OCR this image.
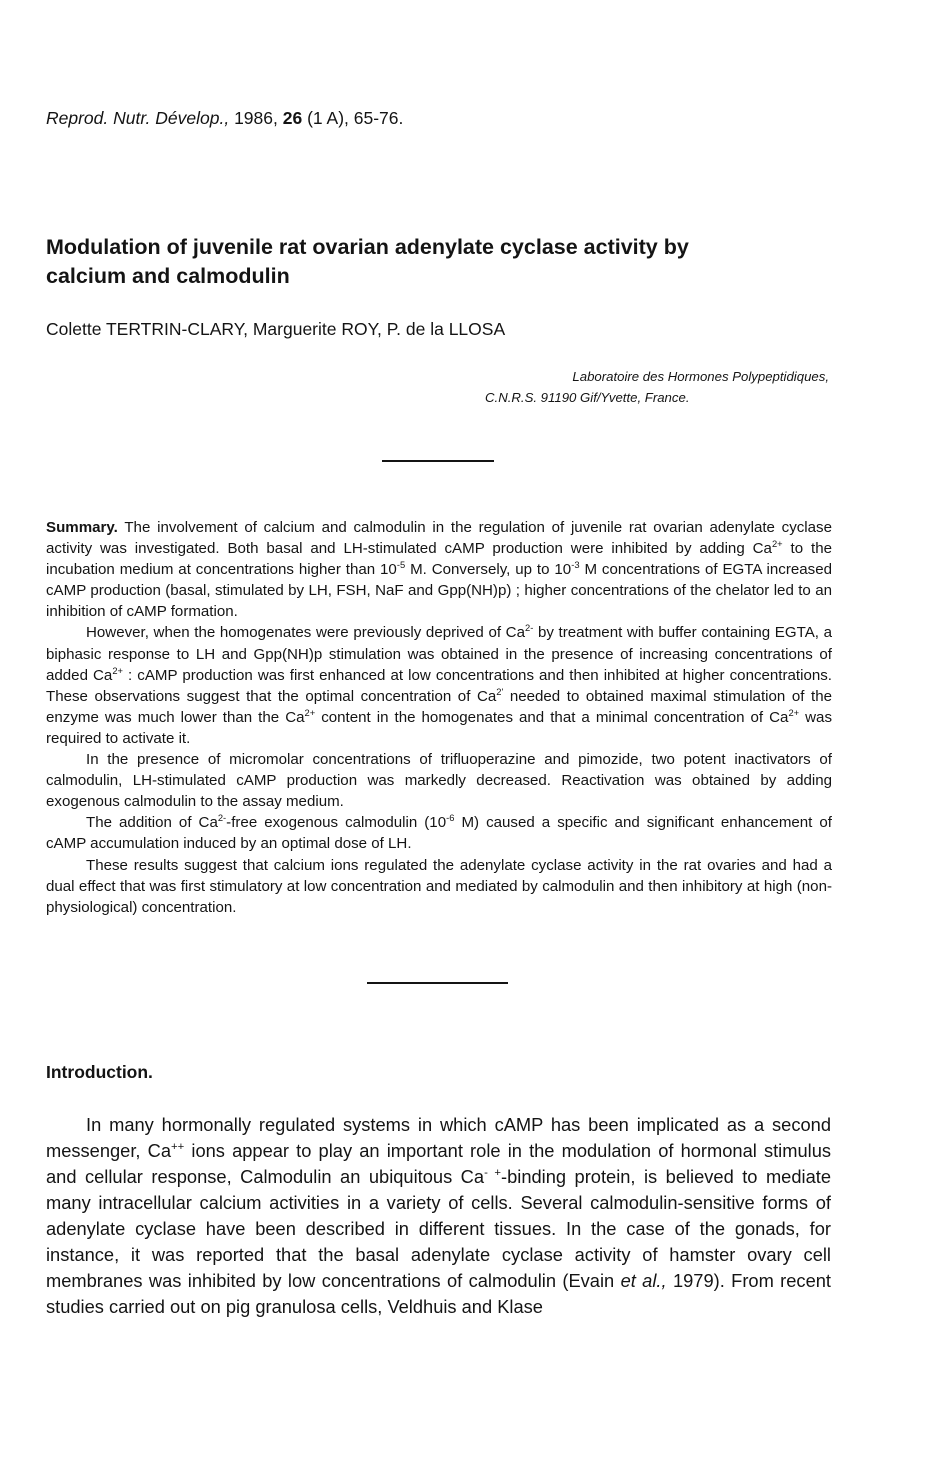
Reprod. Nutr. Dévelop., 1986, 26 (1 A), 65-76.
Modulation of juvenile rat ovarian adenylate cyclase activity by calcium and calmodulin
Colette TERTRIN-CLARY, Marguerite ROY, P. de la LLOSA
Laboratoire des Hormones Polypeptidiques,
C.N.R.S. 91190 Gif/Yvette, France.

Summary. The involvement of calcium and calmodulin in the regulation of juvenile rat ovarian adenylate cyclase activity was investigated. Both basal and LH-stimulated cAMP production were inhibited by adding $Ca^{2+}$ to the incubation medium at concentrations higher than $10^{-5}$ M. Conversely, up to $10^{-3}$ M concentrations of EGTA increased cAMP production (basal, stimulated by LH, FSH, NaF and Gpp(NH)p) ; higher concentrations of the chelator led to an inhibition of cAMP formation.

However, when the homogenates were previously deprived of $Ca^{2-}$ by treatment with buffer containing EGTA, a biphasic response to LH and Gpp(NH)p stimulation was obtained in the presence of increasing concentrations of added $Ca^{2+}$ : cAMP production was first enhanced at low concentrations and then inhibited at higher concentrations. These observations suggest that the optimal concentration of $Ca^{2'}$ needed to obtained maximal stimulation of the enzyme was much lower than the $Ca^{2+}$ content in the homogenates and that a minimal concentration of $Ca^{2+}$ was required to activate it.

In the presence of micromolar concentrations of trifluoperazine and pimozide, two potent inactivators of calmodulin, LH-stimulated cAMP production was markedly decreased. Reactivation was obtained by adding exogenous calmodulin to the assay medium.

The addition of $Ca^{2-}$-free exogenous calmodulin ($10^{-6}$ M) caused a specific and significant enhancement of cAMP accumulation induced by an optimal dose of LH.

These results suggest that calcium ions regulated the adenylate cyclase activity in the rat ovaries and had a dual effect that was first stimulatory at low concentration and mediated by calmodulin and then inhibitory at high (non-physiological) concentration.

Introduction.

In many hormonally regulated systems in which cAMP has been implicated as a second messenger, Ca++ ions appear to play an important role in the modulation of hormonal stimulus and cellular response, Calmodulin an ubiquitous Ca- +-binding protein, is believed to mediate many intracellular calcium activities in a variety of cells. Several calmodulin-sensitive forms of adenylate cyclase have been described in different tissues. In the case of the gonads, for instance, it was reported that the basal adenylate cyclase activity of hamster ovary cell membranes was inhibited by low concentrations of calmodulin (Evain et al., 1979). From recent studies carried out on pig granulosa cells, Veldhuis and Klase
